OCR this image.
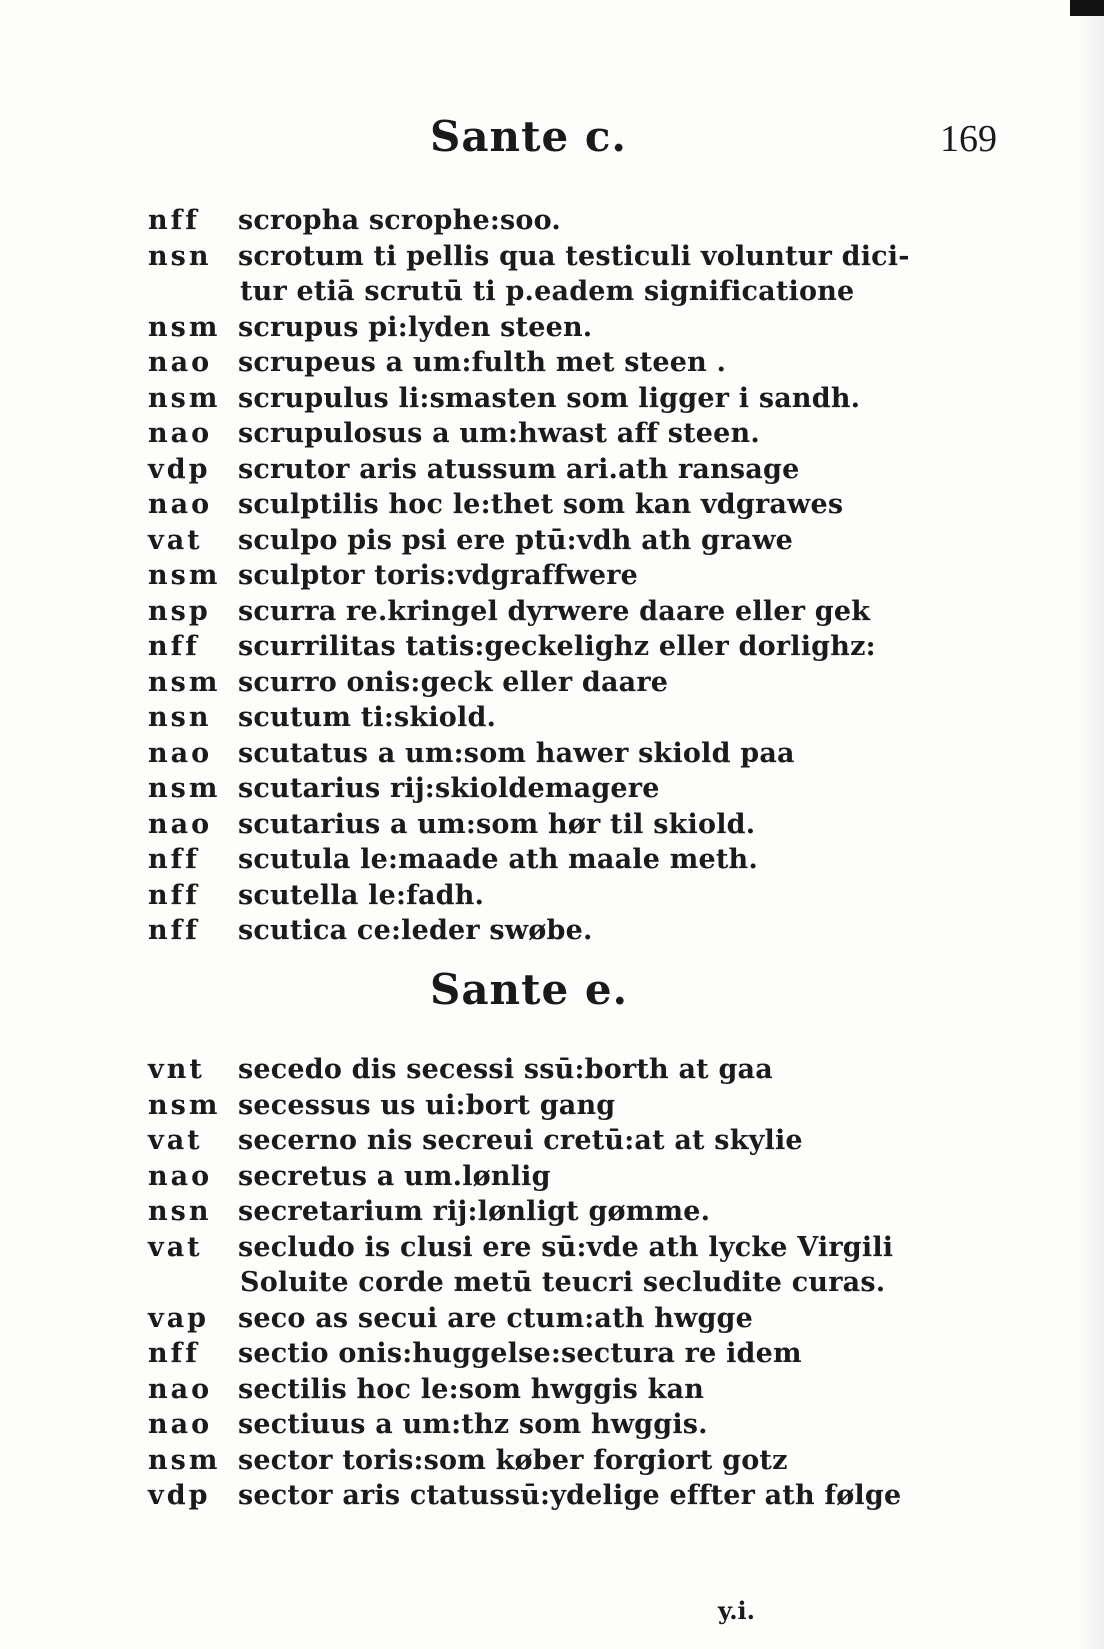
Sante c.	169
nff	scropha scrophe:soo.
nsn scrotum ti pellis qua testiculi voluntur dici-
tur etiā scrutū ti p.eadem significatione
nsm scrupus pi:lyden steen.
nao scrupeus a um:fulth met steen .
nsm scrupulus li:smasten som ligger i sandh.
nao scrupulosus a um:hwast aff steen.
vdp	scrutor aris atussum ari.ath ransage
nao sculptilis hoc le:thet som kan vdgrawes
vat	sculpo pis psi ere ptū:vdh ath grawe
nsm sculptor toris:vdgraffwere
nsp	scurra re.kringel dyrwere daare eller gek
nff	scurrilitas tatis:geckelighz eller dorlighz:
nsm scurro onis:geck eller daare
nsn scutum ti:skiold.
nao scutatus a um:som hawer skiold paa
nsm scutarius rij:skioldemagere
nao scutarius a um:som hør til skiold.
nff	scutula le:maade ath maale meth.
nff	scutella le:fadh.
nff	scutica ce:leder swøbe.
Sante e.
vnt	secedo dis secessi ssū:borth at gaa
nsm secessus us ui:bort gang
vat	secerno nis secreui cretū:at at skylie
nao secretus a um.lønlig
nsn secretarium rij:lønligt gømme.
vat	secludo is clusi ere sū:vde ath lycke Virgili
Soluite corde metū teucri secludite curas.
vap	seco as secui are ctum:ath hwgge
nff	sectio onis:huggelse:sectura re idem
nao sectilis hoc le:som hwggis kan
nao sectiuus a um:thz som hwggis.
nsm sector toris:som køber forgiort gotz
vdp	sector aris ctatussū:ydelige effter ath følge
y.i.
